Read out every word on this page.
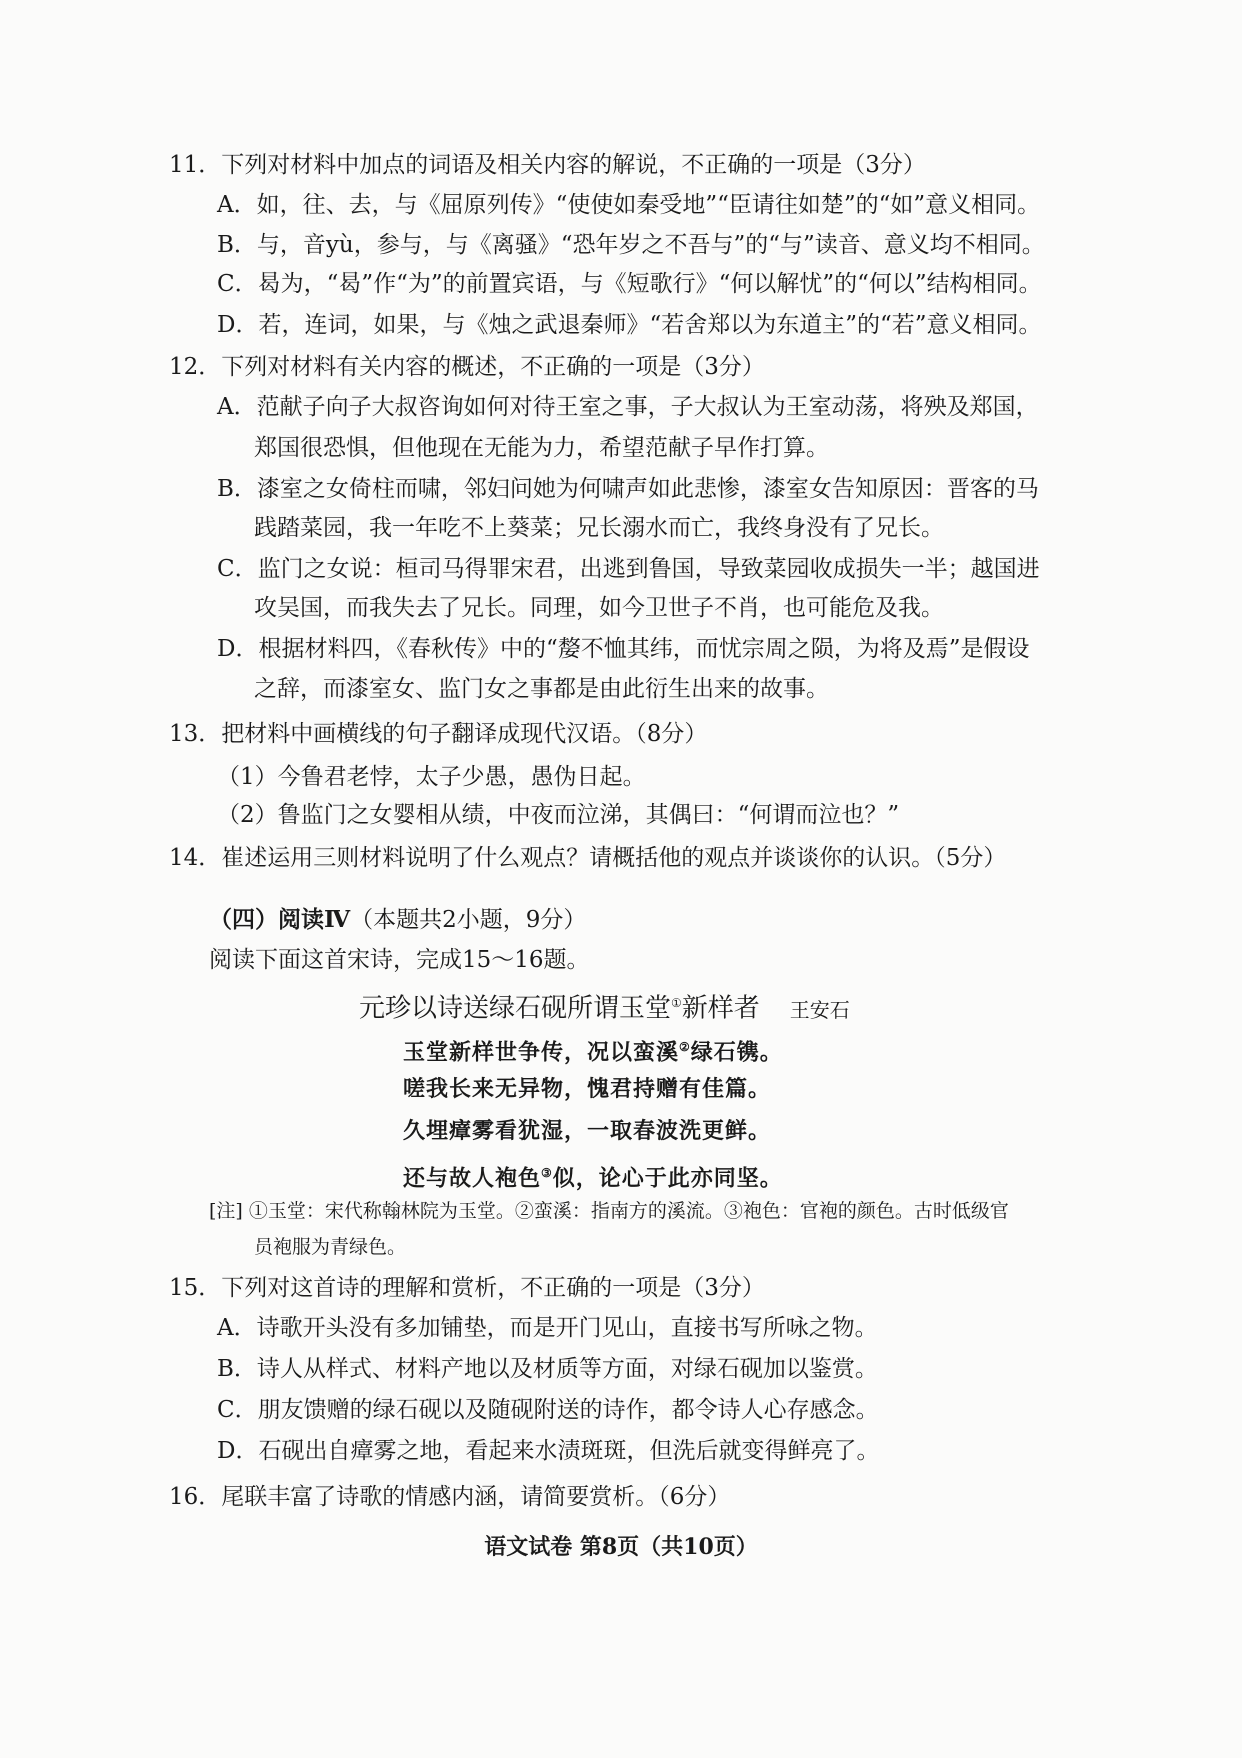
11．下列对材料中加点的词语及相关内容的解说，不正确的一项是（3分）
A．如，往、去，与《屈原列传》“使使如秦受地”“臣请往如楚”的“如”意义相同。
B．与，音yù，参与，与《离骚》“恐年岁之不吾与”的“与”读音、意义均不相同。
C．曷为，“曷”作“为”的前置宾语，与《短歌行》“何以解忧”的“何以”结构相同。
D．若，连词，如果，与《烛之武退秦师》“若舍郑以为东道主”的“若”意义相同。
12．下列对材料有关内容的概述，不正确的一项是（3分）
A．范献子向子大叔咨询如何对待王室之事，子大叔认为王室动荡，将殃及郑国，
郑国很恐惧，但他现在无能为力，希望范献子早作打算。
B．漆室之女倚柱而啸，邻妇问她为何啸声如此悲惨，漆室女告知原因：晋客的马
践踏菜园，我一年吃不上葵菜；兄长溺水而亡，我终身没有了兄长。
C．监门之女说：桓司马得罪宋君，出逃到鲁国，导致菜园收成损失一半；越国进
攻吴国，而我失去了兄长。同理，如今卫世子不肖，也可能危及我。
D．根据材料四，《春秋传》中的“嫠不恤其纬，而忧宗周之陨，为将及焉”是假设
之辞，而漆室女、监门女之事都是由此衍生出来的故事。
13．把材料中画横线的句子翻译成现代汉语。（8分）
（1）今鲁君老悖，太子少愚，愚伪日起。
（2）鲁监门之女婴相从绩，中夜而泣涕，其偶曰：“何谓而泣也？”
14．崔述运用三则材料说明了什么观点？请概括他的观点并谈谈你的认识。（5分）
（四）阅读Ⅳ（本题共2小题，9分）
阅读下面这首宋诗，完成15～16题。
元珍以诗送绿石砚所谓玉堂①新样者 王安石
玉堂新样世争传，况以蛮溪②绿石镌。
嗟我长来无异物，愧君持赠有佳篇。
久埋瘴雾看犹湿，一取春波洗更鲜。
还与故人袍色③似，论心于此亦同坚。
[注] ①玉堂：宋代称翰林院为玉堂。②蛮溪：指南方的溪流。③袍色：官袍的颜色。古时低级官
员袍服为青绿色。
15．下列对这首诗的理解和赏析，不正确的一项是（3分）
A．诗歌开头没有多加铺垫，而是开门见山，直接书写所咏之物。
B．诗人从样式、材料产地以及材质等方面，对绿石砚加以鉴赏。
C．朋友馈赠的绿石砚以及随砚附送的诗作，都令诗人心存感念。
D．石砚出自瘴雾之地，看起来水渍斑斑，但洗后就变得鲜亮了。
16．尾联丰富了诗歌的情感内涵，请简要赏析。（6分）
语文试卷 第8页（共10页）
